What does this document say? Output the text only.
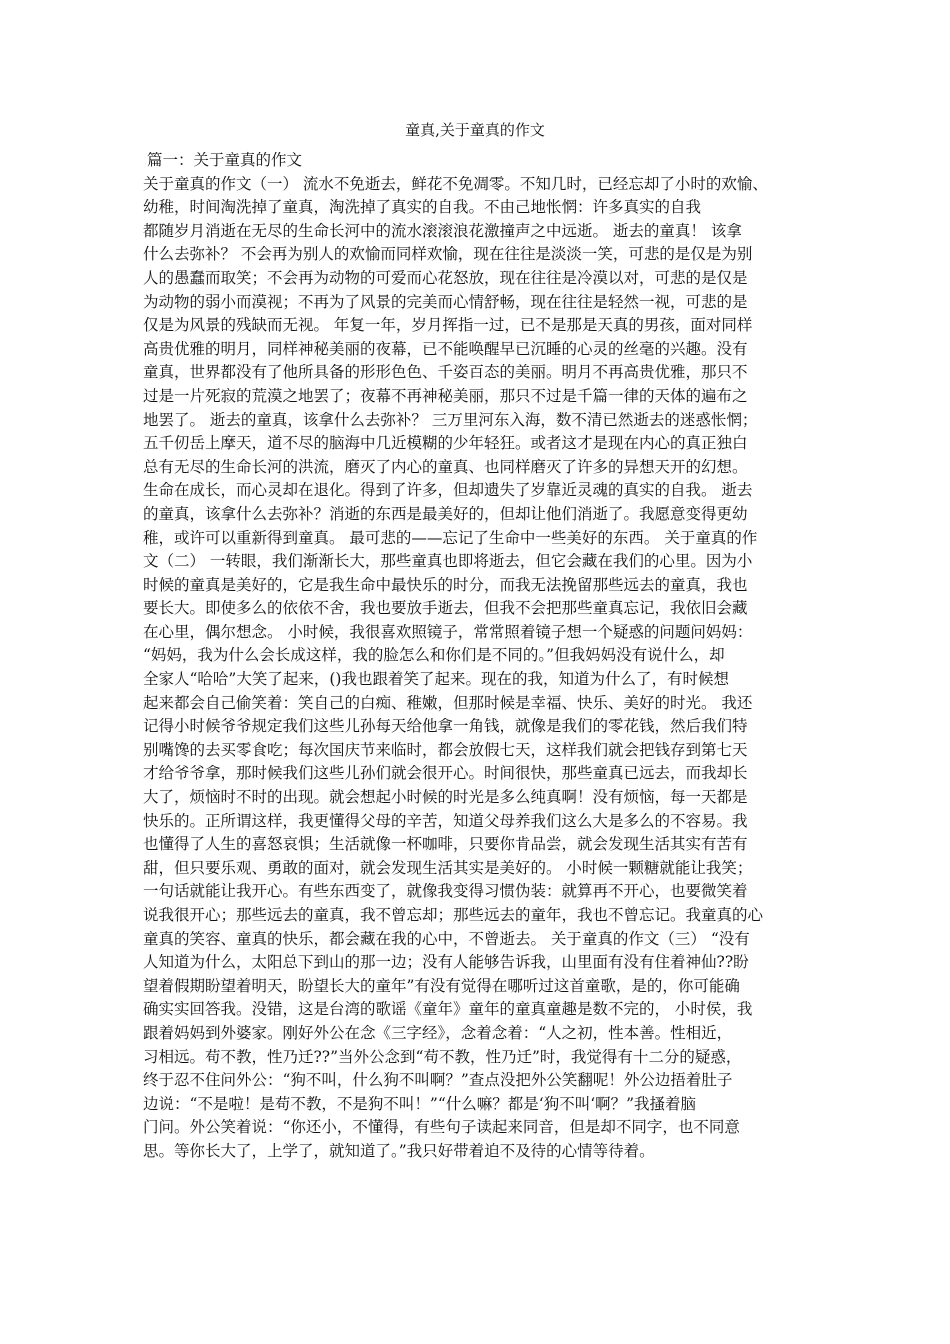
童真,关于童真的作文
篇一：关于童真的作文
关于童真的作文（一） 流水不免逝去，鲜花不免凋零。不知几时，已经忘却了小时的欢愉、
幼稚，时间淘洗掉了童真，淘洗掉了真实的自我。不由己地怅惘：许多真实的自我
都随岁月消逝在无尽的生命长河中的流水滚滚浪花激撞声之中远逝。 逝去的童真！ 该拿
什么去弥补？ 不会再为别人的欢愉而同样欢愉，现在往往是淡淡一笑，可悲的是仅是为别
人的愚蠢而取笑；不会再为动物的可爱而心花怒放，现在往往是冷漠以对，可悲的是仅是
为动物的弱小而漠视；不再为了风景的完美而心情舒畅，现在往往是轻然一视，可悲的是
仅是为风景的残缺而无视。 年复一年，岁月挥指一过，已不是那是天真的男孩，面对同样
高贵优雅的明月，同样神秘美丽的夜幕，已不能唤醒早已沉睡的心灵的丝毫的兴趣。没有
童真，世界都没有了他所具备的形形色色、千姿百态的美丽。明月不再高贵优雅，那只不
过是一片死寂的荒漠之地罢了；夜幕不再神秘美丽，那只不过是千篇一律的天体的遍布之
地罢了。 逝去的童真，该拿什么去弥补？ 三万里河东入海，数不清已然逝去的迷惑怅惘；
五千仞岳上摩天，道不尽的脑海中几近模糊的少年轻狂。或者这才是现在内心的真正独白
总有无尽的生命长河的洪流，磨灭了内心的童真、也同样磨灭了许多的异想天开的幻想。
生命在成长，而心灵却在退化。得到了许多，但却遗失了岁靠近灵魂的真实的自我。 逝去
的童真，该拿什么去弥补？消逝的东西是最美好的，但却让他们消逝了。我愿意变得更幼
稚，或许可以重新得到童真。 最可悲的——忘记了生命中一些美好的东西。 关于童真的作
文（二） 一转眼，我们渐渐长大，那些童真也即将逝去，但它会藏在我们的心里。因为小
时候的童真是美好的，它是我生命中最快乐的时分，而我无法挽留那些远去的童真，我也
要长大。即使多么的依依不舍，我也要放手逝去，但我不会把那些童真忘记，我依旧会藏
在心里，偶尔想念。 小时候，我很喜欢照镜子，常常照着镜子想一个疑惑的问题问妈妈：
“妈妈，我为什么会长成这样，我的脸怎么和你们是不同的。”但我妈妈没有说什么，却
全家人“哈哈”大笑了起来，()我也跟着笑了起来。现在的我，知道为什么了，有时候想
起来都会自己偷笑着：笑自己的白痴、稚嫩，但那时候是幸福、快乐、美好的时光。 我还
记得小时候爷爷规定我们这些儿孙每天给他拿一角钱，就像是我们的零花钱，然后我们特
别嘴馋的去买零食吃；每次国庆节来临时，都会放假七天，这样我们就会把钱存到第七天
才给爷爷拿，那时候我们这些儿孙们就会很开心。时间很快，那些童真已远去，而我却长
大了，烦恼时不时的出现。就会想起小时候的时光是多么纯真啊！没有烦恼，每一天都是
快乐的。正所谓这样，我更懂得父母的辛苦，知道父母养我们这么大是多么的不容易。我
也懂得了人生的喜怒哀惧；生活就像一杯咖啡，只要你肯品尝，就会发现生活其实有苦有
甜，但只要乐观、勇敢的面对，就会发现生活其实是美好的。 小时候一颗糖就能让我笑；
一句话就能让我开心。有些东西变了，就像我变得习惯伪装：就算再不开心，也要微笑着
说我很开心；那些远去的童真，我不曾忘却；那些远去的童年，我也不曾忘记。我童真的心
童真的笑容、童真的快乐，都会藏在我的心中，不曾逝去。 关于童真的作文（三） “没有
人知道为什么，太阳总下到山的那一边；没有人能够告诉我，山里面有没有住着神仙??盼
望着假期盼望着明天，盼望长大的童年”有没有觉得在哪听过这首童歌，是的，你可能确
确实实回答我。没错，这是台湾的歌谣《童年》童年的童真童趣是数不完的， 小时侯，我
跟着妈妈到外婆家。刚好外公在念《三字经》，念着念着：“人之初，性本善。性相近，
习相远。苟不教，性乃迁??”当外公念到“苟不教，性乃迁”时，我觉得有十二分的疑惑，
终于忍不住问外公：“狗不叫，什么狗不叫啊？”查点没把外公笑翻呢！外公边捂着肚子
边说：“不是啦！是苟不教，不是狗不叫！”“什么嘛？都是‘狗不叫‘啊？”我搔着脑
门问。外公笑着说：“你还小，不懂得，有些句子读起来同音，但是却不同字，也不同意
思。等你长大了，上学了，就知道了。”我只好带着迫不及待的心情等待着。
